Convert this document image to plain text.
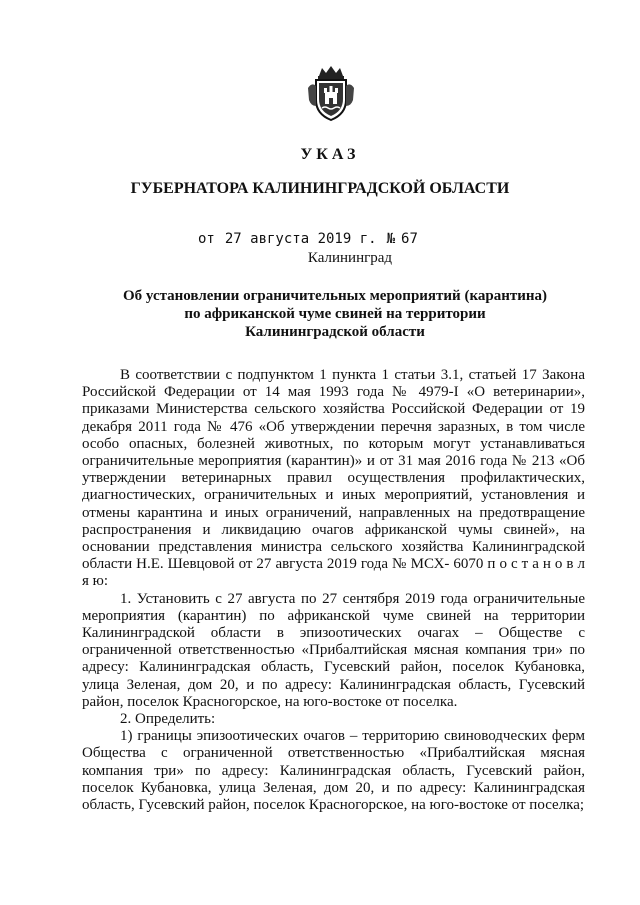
УКАЗ
ГУБЕРНАТОРА КАЛИНИНГРАДСКОЙ ОБЛАСТИ
от 27 августа 2019 г. № 67
Калининград
Об установлении ограничительных мероприятий (карантина)
по африканской чуме свиней на территории
Калининградской области

В соответствии с подпунктом 1 пункта 1 статьи 3.1, статьей 17 Закона Российской Федерации от 14 мая 1993 года № 4979-I «О ветеринарии», приказами Министерства сельского хозяйства Российской Федерации от 19 декабря 2011 года № 476 «Об утверждении перечня заразных, в том числе особо опасных, болезней животных, по которым могут устанавливаться ограничительные мероприятия (карантин)» и от 31 мая 2016 года № 213 «Об утверждении ветеринарных правил осуществления профилактических, диагностических, ограничительных и иных мероприятий, установления и отмены карантина и иных ограничений, направленных на предотвращение распространения и ликвидацию очагов африканской чумы свиней», на основании представления министра сельского хозяйства Калининградской области Н.Е. Шевцовой от 27 августа 2019 года № МСХ- 6070 п о с т а н о в л я ю:

1. Установить с 27 августа по 27 сентября 2019 года ограничительные мероприятия (карантин) по африканской чуме свиней на территории Калининградской области в эпизоотических очагах – Обществе с ограниченной ответственностью «Прибалтийская мясная компания три» по адресу: Калининградская область, Гусевский район, поселок Кубановка, улица Зеленая, дом 20, и по адресу: Калининградская область, Гусевский район, поселок Красногорское, на юго-востоке от поселка.

2. Определить:

1) границы эпизоотических очагов – территорию свиноводческих ферм Общества с ограниченной ответственностью «Прибалтийская мясная компания три» по адресу: Калининградская область, Гусевский район, поселок Кубановка, улица Зеленая, дом 20, и по адресу: Калининградская область, Гусевский район, поселок Красногорское, на юго-востоке от поселка;
